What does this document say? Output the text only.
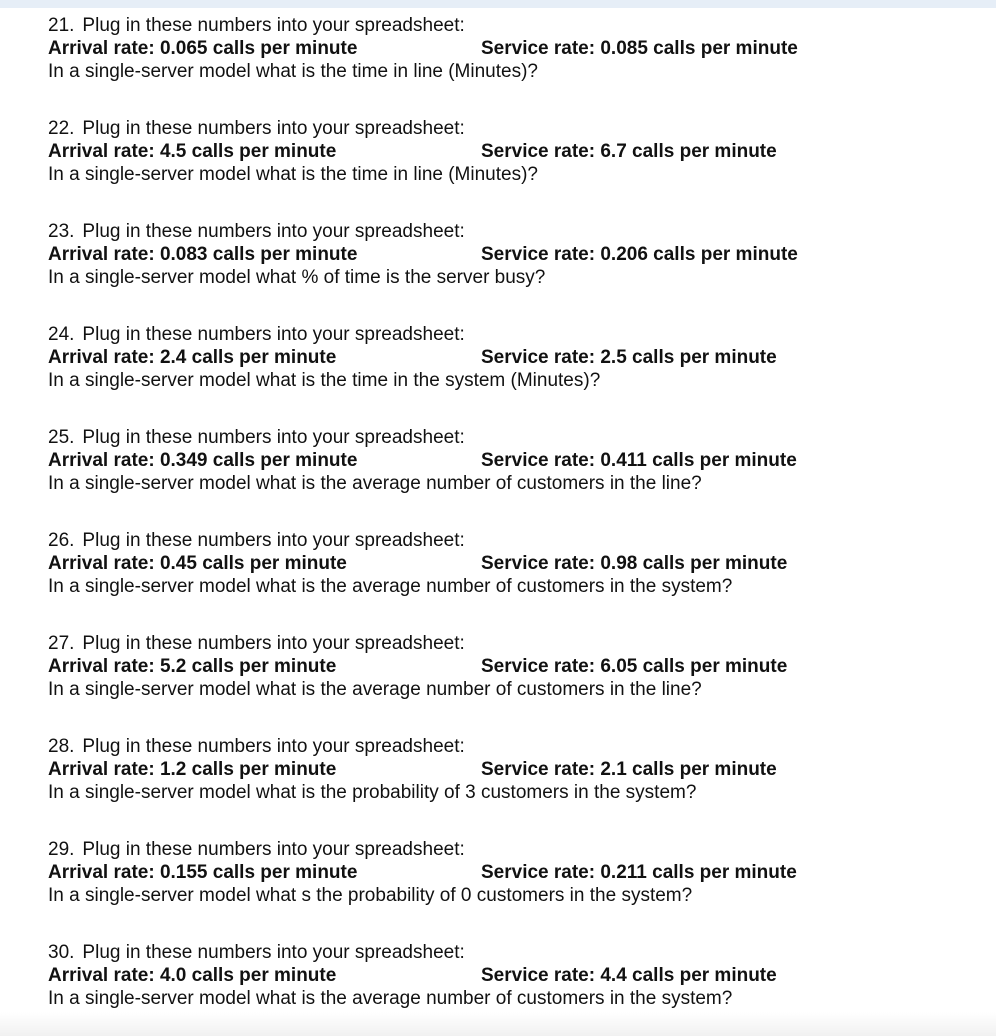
21. Plug in these numbers into your spreadsheet:
Arrival rate: 0.065 calls per minute	Service rate: 0.085 calls per minute
In a single-server model what is the time in line (Minutes)?
22. Plug in these numbers into your spreadsheet:
Arrival rate: 4.5 calls per minute	Service rate: 6.7 calls per minute
In a single-server model what is the time in line (Minutes)?
23. Plug in these numbers into your spreadsheet:
Arrival rate: 0.083 calls per minute	Service rate: 0.206 calls per minute
In a single-server model what % of time is the server busy?
24. Plug in these numbers into your spreadsheet:
Arrival rate: 2.4 calls per minute	Service rate: 2.5 calls per minute
In a single-server model what is the time in the system (Minutes)?
25. Plug in these numbers into your spreadsheet:
Arrival rate: 0.349 calls per minute	Service rate: 0.411 calls per minute
In a single-server model what is the average number of customers in the line?
26. Plug in these numbers into your spreadsheet:
Arrival rate: 0.45 calls per minute	Service rate: 0.98 calls per minute
In a single-server model what is the average number of customers in the system?
27. Plug in these numbers into your spreadsheet:
Arrival rate: 5.2 calls per minute	Service rate: 6.05 calls per minute
In a single-server model what is the average number of customers in the line?
28. Plug in these numbers into your spreadsheet:
Arrival rate: 1.2 calls per minute	Service rate: 2.1 calls per minute
In a single-server model what is the probability of 3 customers in the system?
29. Plug in these numbers into your spreadsheet:
Arrival rate: 0.155 calls per minute	Service rate: 0.211 calls per minute
In a single-server model what s the probability of 0 customers in the system?
30. Plug in these numbers into your spreadsheet:
Arrival rate: 4.0 calls per minute	Service rate: 4.4 calls per minute
In a single-server model what is the average number of customers in the system?
